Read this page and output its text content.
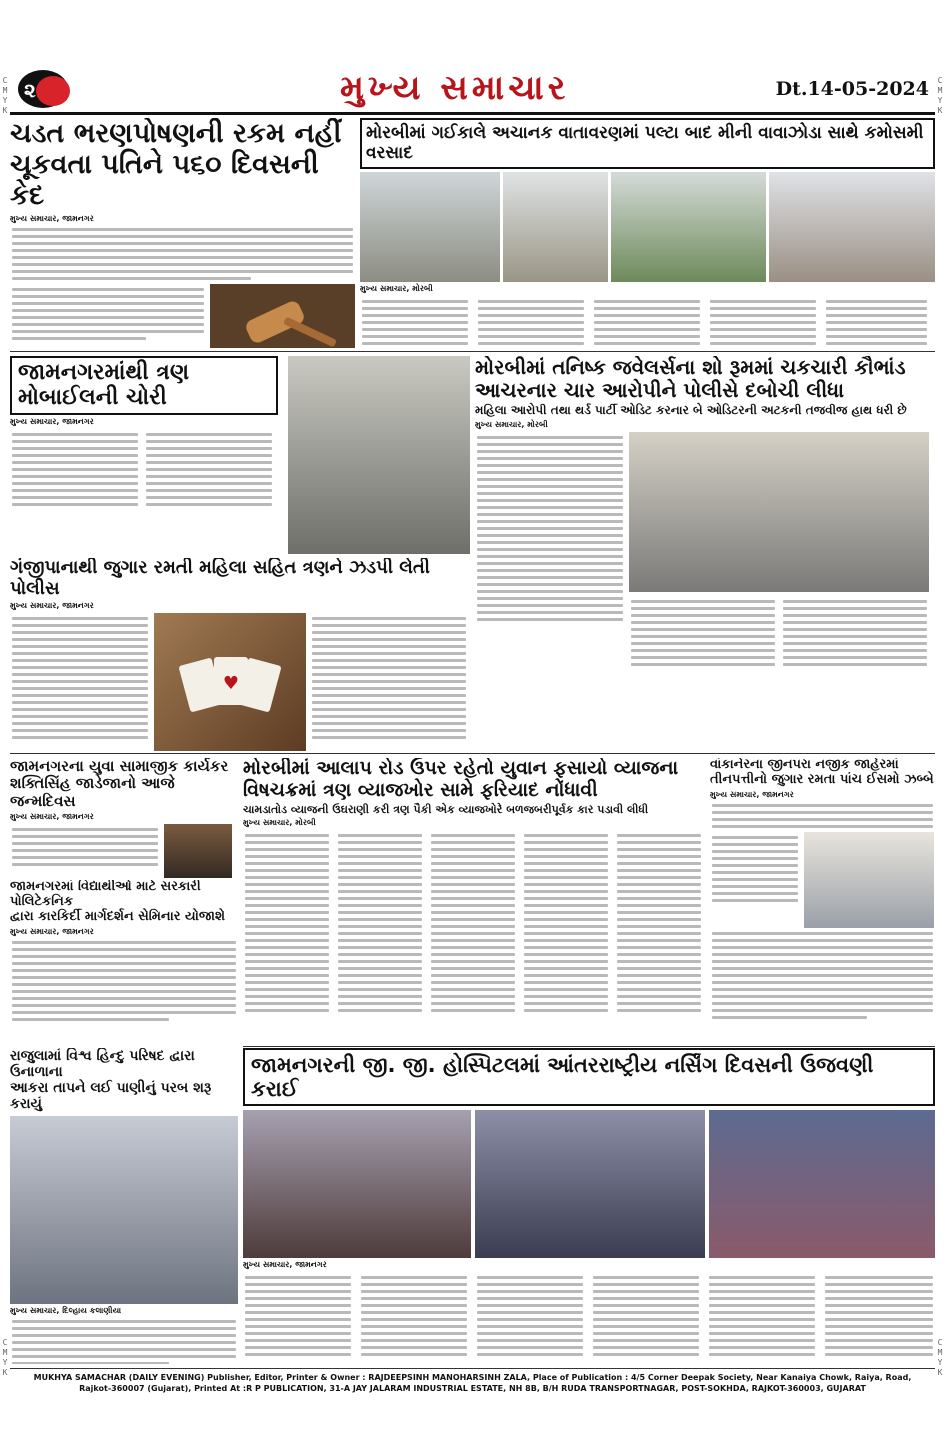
C
M
Y
K
C
M
Y
K
C
M
Y
K
C
M
Y
K
૨	મુખ્ય સમાચાર	Dt.14-05-2024
ચડત ભરણપોષણની રકમ નહીં
ચૂકવતા પતિને ૫૬૦ દિવસની કેદ
મુખ્ય સમાચાર, જામનગર
મોરબીમાં ગઈકાલે અચાનક વાતાવરણમાં પલ્ટા બાદ મીની વાવાઝોડા સાથે કમોસમી વરસાદ
મુખ્ય સમાચાર, મોરબી
જામનગરમાંથી ત્રણ મોબાઈલની ચોરી
મુખ્ય સમાચાર, જામનગર
મોરબીમાં તનિષ્ક જવેલર્સના શો રૂમમાં ચકચારી કૌભાંડ
આચરનાર ચાર આરોપીને પોલીસે દબોચી લીધા
મહિલા આરોપી તથા થર્ડ પાર્ટી ઓડિટ કરનાર બે ઓડિટરની અટકની તજવીજ હાથ ધરી છે
મુખ્ય સમાચાર, મોરબી
ગંજીપાનાથી જુગાર રમતી મહિલા સહિત ત્રણને ઝડપી લેતી પોલીસ
મુખ્ય સમાચાર, જામનગર
♥
જામનગરના યુવા સામાજીક કાર્યકર
શક્તિસિંહ જાડેજાનો આજે જન્મદિવસ
મુખ્ય સમાચાર, જામનગર
જામનગરમાં વિદ્યાર્થીઓ માટે સરકારી પોલિટેકનિક
દ્વારા કારકિર્દી માર્ગદર્શન સેમિનાર યોજાશે
મુખ્ય સમાચાર, જામનગર
મોરબીમાં આલાપ રોડ ઉપર રહેતો યુવાન ફસાયો વ્યાજના
વિષચક્રમાં ત્રણ વ્યાજખોર સામે ફરિયાદ નોંધાવી
ચામડાતોડ વ્યાજની ઉઘરાણી કરી ત્રણ પૈકી એક વ્યાજખોરે બળજબરીપૂર્વક કાર પડાવી લીધી
મુખ્ય સમાચાર, મોરબી
વાંકાનેરના જીનપરા નજીક જાહેરમાં
તીનપત્તીનો જુગાર રમતા પાંચ ઈસમો ઝબ્બે
મુખ્ય સમાચાર, જામનગર
રાજુલામાં વિશ્વ હિન્દુ પરિષદ દ્વારા ઉનાળાના
આકરા તાપને લઈ પાણીનું પરબ શરૂ કરાયું
મુખ્ય સમાચાર, દિલ્હાય કલાણીયા
જામનગરની જી. જી. હોસ્પિટલમાં આંતરરાષ્ટ્રીય નર્સિંગ દિવસની ઉજવણી કરાઈ
મુખ્ય સમાચાર, જામનગર
MUKHYA SAMACHAR (DAILY EVENING) Publisher, Editor, Printer & Owner : RAJDEEPSINH MANOHARSINH ZALA, Place of Publication : 4/5 Corner Deepak Society, Near Kanaiya Chowk, Raiya, Road,
Rajkot-360007 (Gujarat), Printed At :R P PUBLICATION, 31-A JAY JALARAM INDUSTRIAL ESTATE, NH 8B, B/H RUDA TRANSPORTNAGAR, POST-SOKHDA, RAJKOT-360003, GUJARAT
